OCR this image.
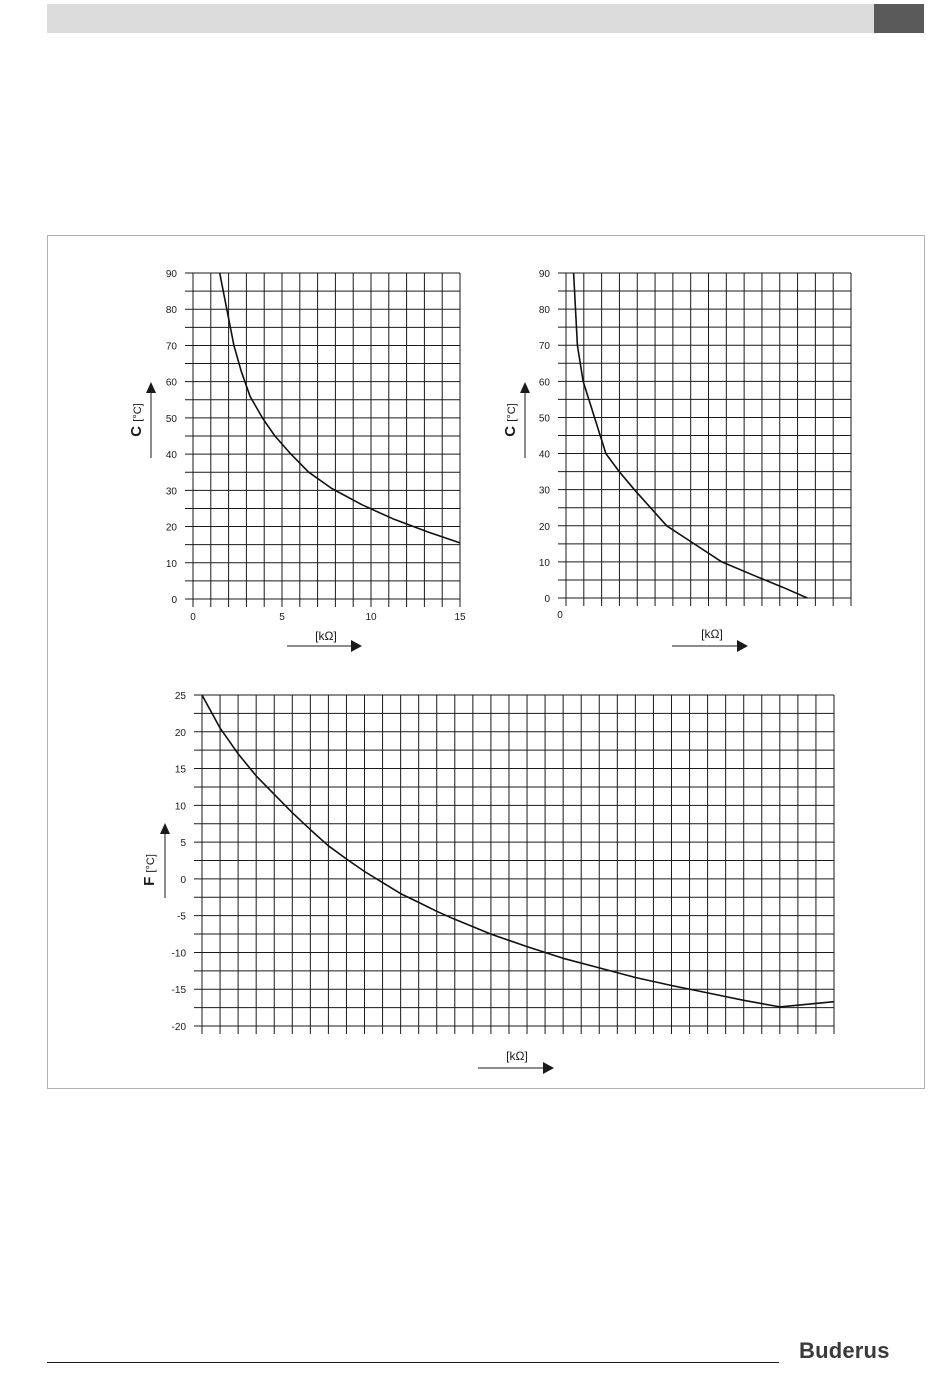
0
10
20
30
40
50
60
70
80
90
0	5	10	15
C [°C]
[kΩ]
0
10
20
30
40
50
60
70
80
90
0
C [°C]
[kΩ]
-20
-15
-10
-5
0
5
10
15
20
25
F [°C]
[kΩ]
Buderus
